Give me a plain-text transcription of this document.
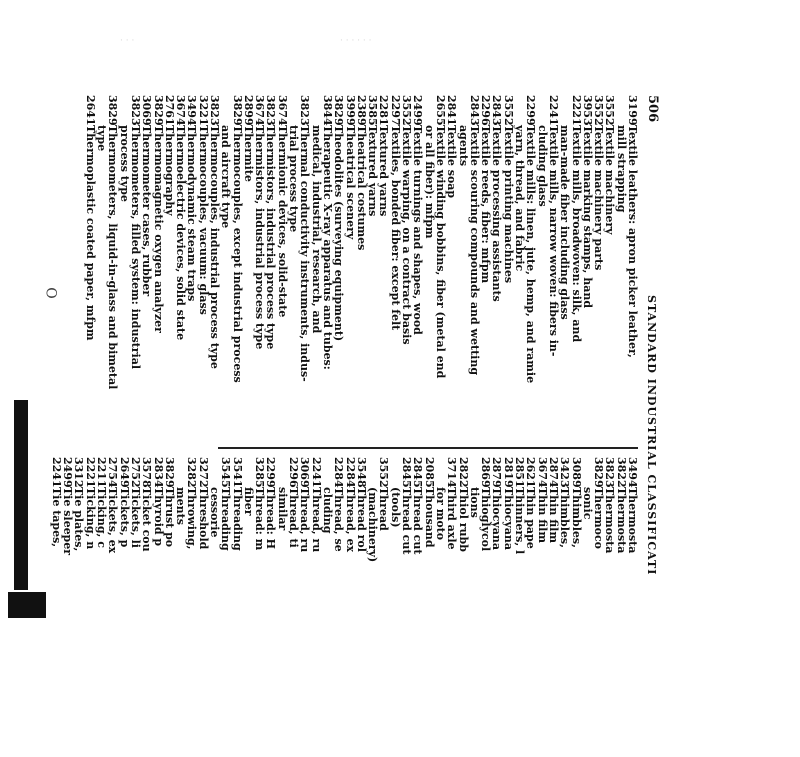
· · ·	· · · · · ·
O
506
STANDARD INDUSTRIAL CLASSIFICATI
3199
Textile leathers: apron picker leather,
mill strapping
3552
Textile machinery
3552
Textile machinery parts
3953
Textile marking stamps, hand
2221
Textile mills, broadwoven: silk, and
man-made fiber including glass
2241
Textile mills, narrow woven: fibers in-
cluding glass
2299
Textile mills: linen, jute, hemp, and ramie
yarn, thread, and fabric
3552
Textile printing machines
2843
Textile processing assistants
2296
Textile reeds, fiber: mfpm
2843
Textile scouring compounds and wetting
agents
2841
Textile soap
2655
Textile winding bobbins, fiber (metal end
or all fiber): mfpm
2499
Textile turnings and shapes, wood
3552
Textile warping, on a contract basis
2297
Textiles, bonded fiber: except felt
2281
Textured yarns
3585
Textured yarns
2389
Theatrical costumes
3999
Theatrical scenery
3829
Theodolites (surveying equipment)
3844
Therapeutic X-ray apparatus and tubes:
medical, industrial, research, and
3823
Thermal conductivity instruments, indus-
trial process type
3674
Thermionic devices, solid-state
3823
Thermistors, industrial process type
3674
Thermistors, industrial process type
2899
Thermite
3829
Thermocouples, except industrial process
and aircraft type
3823
Thermocouples, industrial process type
3221
Thermocouples, vacuum: glass
3494
Thermodynamic steam traps
3674
Thermoelectric devices, solid state
2761
Thermography
3829
Thermomagnetic oxygen analyzer
3069
Thermometer cases, rubber
3823
Thermometers, filled system: industrial
process type
3829
Thermometers, liquid-in-glass and bimetal
type
2641
Thermoplastic coated paper, mfpm
3494
Thermosta
3822
Thermosta
3823
Thermosta
3829
Thermoco
sonic
3089
Thimbles,
3423
Thimbles,
2874
Thin film
3674
Thin film
2621
Thin pape
2851
Thinners, l
2819
Thiocyana
2879
Thiocyana
2869
Thioglycol
tions
2822
Thiol rubb
3714
Third axle
for moto
2085
Thousand
2845
Thread cut
2845
Thread cut
(tools)
3552
Thread
(machinery)
3548
Thread rol
2284
Thread, ex
2284
Thread, se
cluding
2241
Thread, ru
3069
Thread, ru
2296
Thread, ti
similar
2299
Thread: H
3285
Thread: m
fiber
3541
Threading
3545
Threading
cessorie
3272
Threshold
3282
Throwing,
ments
3829
Thrust po
2834
Thyroid p
3578
Ticket cou
2752
Tickets, li
2649
Tickets, p
2754
Tickets, ex
2211
Ticking, c
2221
Ticking, n
3312
Tie plates,
2499
Tie sleeper
2241
Tie tapes,
